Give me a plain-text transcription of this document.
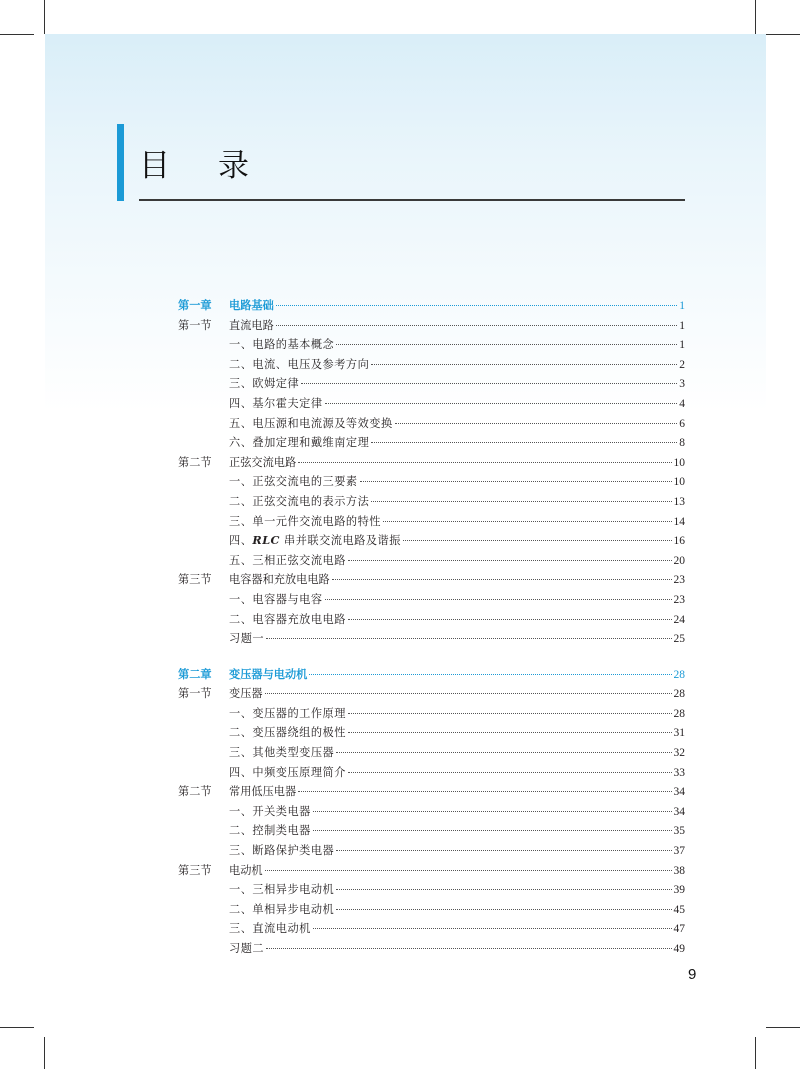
目录
第一章	电路基础	1
第一节	直流电路	1
一、电路的基本概念	1
二、电流、电压及参考方向	2
三、欧姆定律	3
四、基尔霍夫定律	4
五、电压源和电流源及等效变换	6
六、叠加定理和戴维南定理	8
第二节	正弦交流电路	10
一、正弦交流电的三要素	10
二、正弦交流电的表示方法	13
三、单一元件交流电路的特性	14
四、RLC 串并联交流电路及谐振	16
五、三相正弦交流电路	20
第三节	电容器和充放电电路	23
一、电容器与电容	23
二、电容器充放电电路	24
习题一	25
第二章	变压器与电动机	28
第一节	变压器	28
一、变压器的工作原理	28
二、变压器绕组的极性	31
三、其他类型变压器	32
四、中频变压原理简介	33
第二节	常用低压电器	34
一、开关类电器	34
二、控制类电器	35
三、断路保护类电器	37
第三节	电动机	38
一、三相异步电动机	39
二、单相异步电动机	45
三、直流电动机	47
习题二	49
9
